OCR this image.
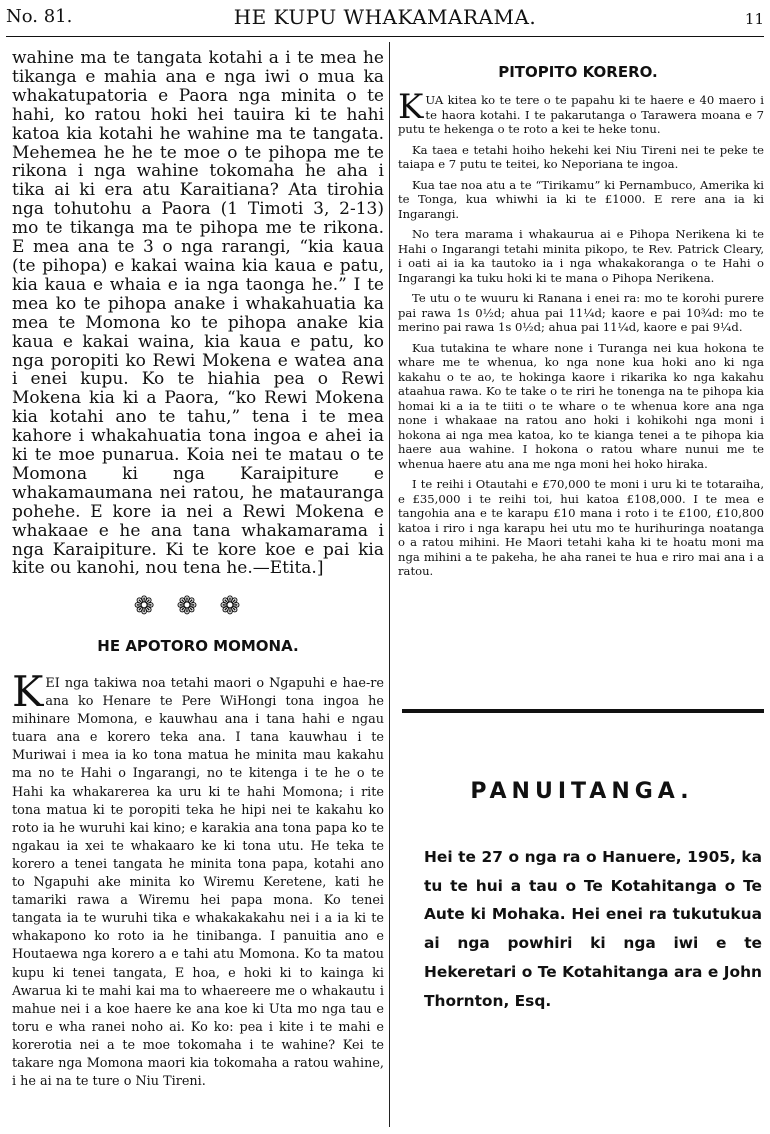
No. 81.	HE KUPU WHAKAMARAMA.	11

wahine ma te tangata kotahi a i te mea he tikanga e mahia ana e nga iwi o mua ka whakatupatoria e Paora nga minita o te hahi, ko ratou hoki hei tauira ki te hahi katoa kia kotahi he wahine ma te tangata. Mehemea he he te moe o te pihopa me te rikona i nga wahine tokomaha he aha i tika ai ki era atu Karaitiana? Ata tirohia nga tohutohu a Paora (1 Timoti 3, 2-13) mo te tikanga ma te pihopa me te rikona. E mea ana te 3 o nga rarangi, “kia kaua (te pihopa) e kakai waina kia kaua e patu, kia kaua e whaia e ia nga taonga he.” I te mea ko te pihopa anake i whakahuatia ka mea te Momona ko te pihopa anake kia kaua e kakai waina, kia kaua e patu, ko nga poropiti ko Rewi Mokena e watea ana i enei kupu. Ko te hiahia pea o Rewi Mokena kia ki a Paora, “ko Rewi Mokena kia kotahi ano te tahu,” tena i te mea kahore i whakahuatia tona ingoa e ahei ia ki te moe punarua. Koia nei te matau o te Momona ki nga Karaipiture e whakamaumana nei ratou, he matauranga pohehe. E kore ia nei a Rewi Mokena e whakaae e he ana tana whakamarama i nga Karaipiture. Ki te kore koe e pai kia kite ou kanohi, nou tena he.—Etita.]

❁❁❁
HE APOTORO MOMONA.

KEI nga takiwa noa tetahi maori o Ngapuhi e hae-re ana ko Henare te Pere WiHongi tona ingoa he mihinare Momona, e kauwhau ana i tana hahi e ngau tuara ana e korero teka ana. I tana kauwhau i te Muriwai i mea ia ko tona matua he minita mau kakahu ma no te Hahi o Ingarangi, no te kitenga i te he o te Hahi ka whakarerea ka uru ki te hahi Momona; i rite tona matua ki te poropiti teka he hipi nei te kakahu ko roto ia he wuruhi kai kino; e karakia ana tona papa ko te ngakau ia xei te whakaaro ke ki tona utu. He teka te korero a tenei tangata he minita tona papa, kotahi ano to Ngapuhi ake minita ko Wiremu Keretene, kati he tamariki rawa a Wiremu hei papa mona. Ko tenei tangata ia te wuruhi tika e whakakakahu nei i a ia ki te whakapono ko roto ia he tinibanga. I panuitia ano e Houtaewa nga korero a e tahi atu Momona. Ko ta matou kupu ki tenei tangata, E hoa, e hoki ki to kainga ki Awarua ki te mahi kai ma to whaereere me o whakautu i mahue nei i a koe haere ke ana koe ki Uta mo nga tau e toru e wha ranei noho ai. Ko ko: pea i kite i te mahi e korerotia nei a te moe tokomaha i te wahine? Kei te takare nga Momona maori kia tokomaha a ratou wahine, i he ai na te ture o Niu Tireni.

PITOPITO KORERO.

KUA kitea ko te tere o te papahu ki te haere e 40 maero i te haora kotahi. I te pakarutanga o Tarawera moana e 7 putu te hekenga o te roto a kei te heke tonu.

Ka taea e tetahi hoiho hekehi kei Niu Tireni nei te peke te taiapa e 7 putu te teitei, ko Neporiana te ingoa.

Kua tae noa atu a te “Tirikamu” ki Pernambuco, Amerika ki te Tonga, kua whiwhi ia ki te £1000. E rere ana ia ki Ingarangi.

No tera marama i whakaurua ai e Pihopa Nerikena ki te Hahi o Ingarangi tetahi minita pikopo, te Rev. Patrick Cleary, i oati ai ia ka tautoko ia i nga whakakoranga o te Hahi o Ingarangi ka tuku hoki ki te mana o Pihopa Nerikena.

Te utu o te wuuru ki Ranana i enei ra: mo te korohi purere pai rawa 1s 0½d; ahua pai 11¼d; kaore e pai 10¾d: mo te merino pai rawa 1s 0½d; ahua pai 11¼d, kaore e pai 9¼d.

Kua tutakina te whare none i Turanga nei kua hokona te whare me te whenua, ko nga none kua hoki ano ki nga kakahu o te ao, te hokinga kaore i rikarika ko nga kakahu ataahua rawa. Ko te take o te riri he tonenga na te pihopa kia homai ki a ia te tiiti o te whare o te whenua kore ana nga none i whakaae na ratou ano hoki i kohikohi nga moni i hokona ai nga mea katoa, ko te kianga tenei a te pihopa kia haere aua wahine. I hokona o ratou whare nunui me te whenua haere atu ana me nga moni hei hoko hiraka.

I te reihi i Otautahi e £70,000 te moni i uru ki te totaraiha, e £35,000 i te reihi toi, hui katoa £108,000. I te mea e tangohia ana e te karapu £10 mana i roto i te £100, £10,800 katoa i riro i nga karapu hei utu mo te hurihuringa noatanga o a ratou mihini. He Maori tetahi kaha ki te hoatu moni ma nga mihini a te pakeha, he aha ranei te hua e riro mai ana i a ratou.

PANUITANGA.
Hei te 27 o nga ra o Hanuere, 1905, ka tu te hui a tau o Te Kotahitanga o Te Aute ki Mohaka. Hei enei ra tukutukua ai nga powhiri ki nga iwi e te Hekeretari o Te Kotahitanga ara e John Thornton, Esq.
